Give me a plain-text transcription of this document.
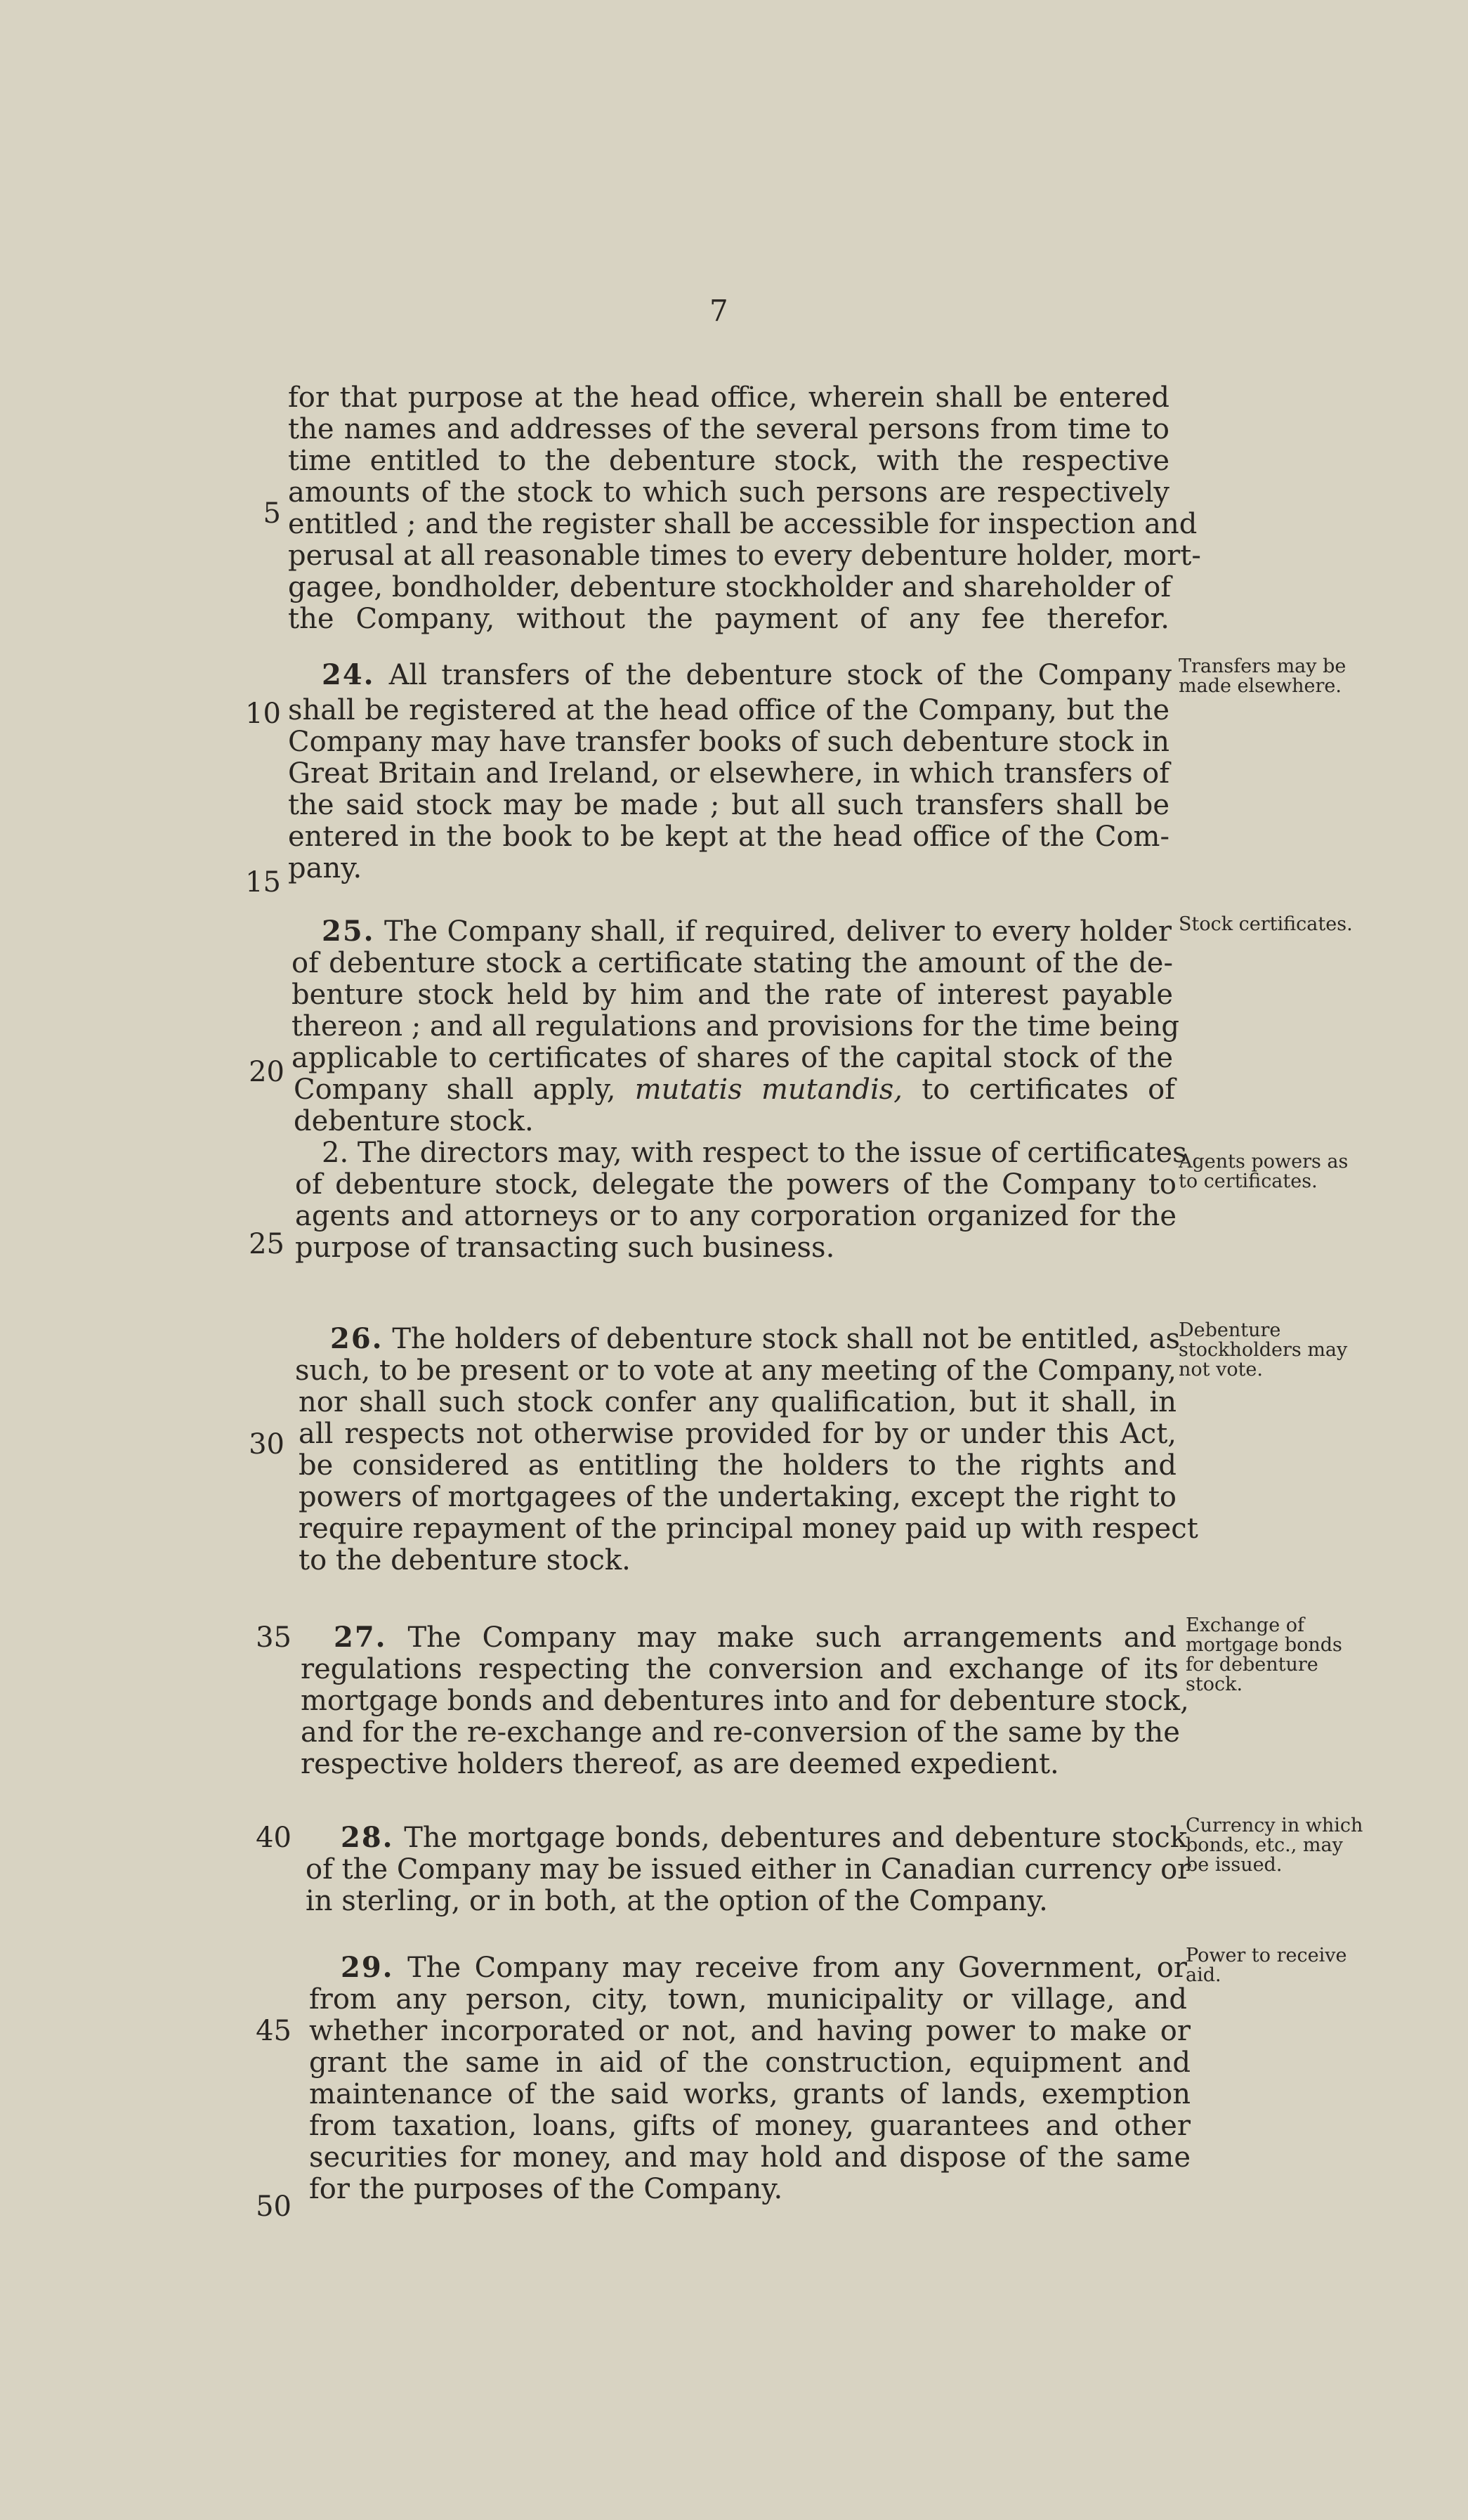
7
for that purpose at the head office, wherein shall be entered
the names and addresses of the several persons from time to
time entitled to the debenture stock, with the respective
amounts of the stock to which such persons are respectively
entitled ; and the register shall be accessible for inspection and
perusal at all reasonable times to every debenture holder, mort-
gagee, bondholder, debenture stockholder and shareholder of
the Company, without the payment of any fee therefor.
24. All transfers of the debenture stock of the Company
shall be registered at the head office of the Company, but the
Company may have transfer books of such debenture stock in
Great Britain and Ireland, or elsewhere, in which transfers of
the said stock may be made ; but all such transfers shall be
entered in the book to be kept at the head office of the Com-
pany.
25. The Company shall, if required, deliver to every holder
of debenture stock a certificate stating the amount of the de-
benture stock held by him and the rate of interest payable
thereon ; and all regulations and provisions for the time being
applicable to certificates of shares of the capital stock of the
Company shall apply, mutatis mutandis, to certificates of
debenture stock.
2. The directors may, with respect to the issue of certificates
of debenture stock, delegate the powers of the Company to
agents and attorneys or to any corporation organized for the
purpose of transacting such business.
26. The holders of debenture stock shall not be entitled, as
such, to be present or to vote at any meeting of the Company,
nor shall such stock confer any qualification, but it shall, in
all respects not otherwise provided for by or under this Act,
be considered as entitling the holders to the rights and
powers of mortgagees of the undertaking, except the right to
require repayment of the principal money paid up with respect
to the debenture stock.
27. The Company may make such arrangements and
regulations respecting the conversion and exchange of its
mortgage bonds and debentures into and for debenture stock,
and for the re-exchange and re-conversion of the same by the
respective holders thereof, as are deemed expedient.
28. The mortgage bonds, debentures and debenture stock
of the Company may be issued either in Canadian currency or
in sterling, or in both, at the option of the Company.
29. The Company may receive from any Government, or
from any person, city, town, municipality or village, and
whether incorporated or not, and having power to make or
grant the same in aid of the construction, equipment and
maintenance of the said works, grants of lands, exemption
from taxation, loans, gifts of money, guarantees and other
securities for money, and may hold and dispose of the same
for the purposes of the Company.
5
10
15
20
25
30
35
40
45
50
Transfers may be made elsewhere.
Stock certificates.
Agents powers as to certificates.
Debenture stockholders may not vote.
Exchange of mortgage bonds for debenture stock.
Currency in which bonds, etc., may be issued.
Power to receive aid.
